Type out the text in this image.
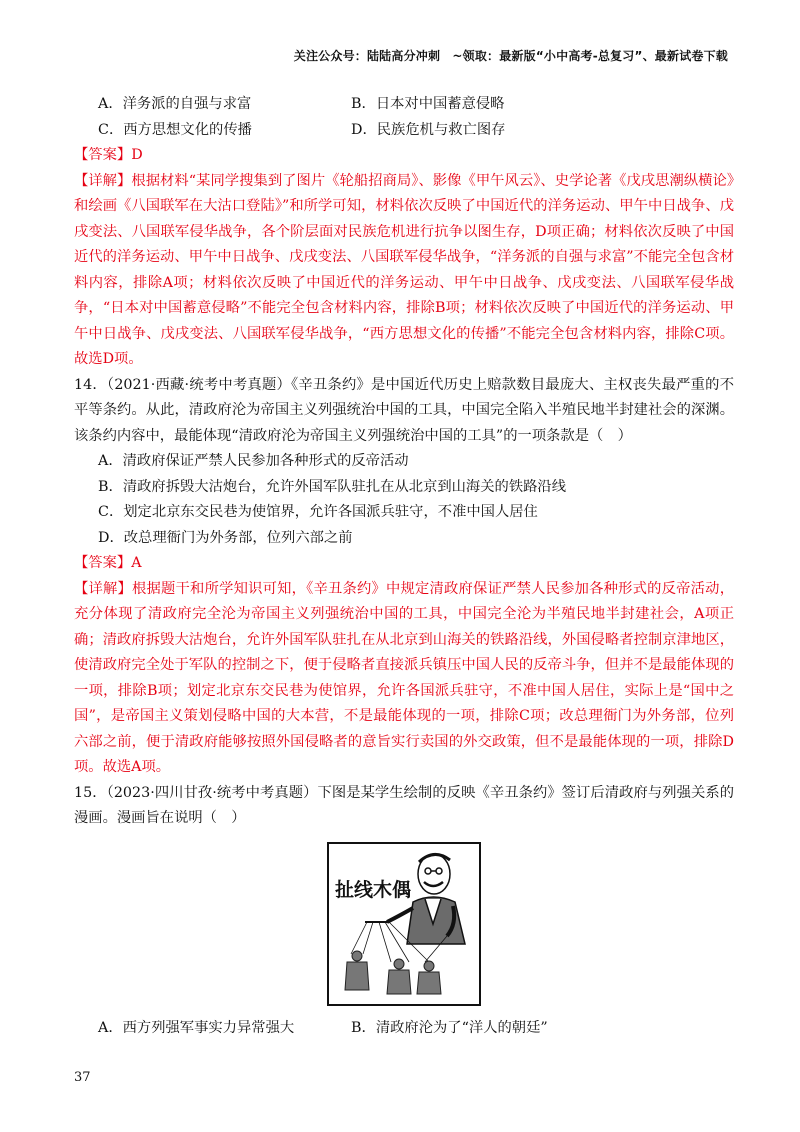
关注公众号：陆陆高分冲刺　~领取：最新版“小中高考-总复习”、最新试卷下载
A．洋务派的自强与求富	B．日本对中国蓄意侵略
C．西方思想文化的传播	D．民族危机与救亡图存
【答案】D
【详解】根据材料“某同学搜集到了图片《轮船招商局》、影像《甲午风云》、史学论著《戊戌思潮纵横论》和绘画《八国联军在大沽口登陆》”和所学可知，材料依次反映了中国近代的洋务运动、甲午中日战争、戊戌变法、八国联军侵华战争，各个阶层面对民族危机进行抗争以图生存，D项正确；材料依次反映了中国近代的洋务运动、甲午中日战争、戊戌变法、八国联军侵华战争，“洋务派的自强与求富”不能完全包含材料内容，排除A项；材料依次反映了中国近代的洋务运动、甲午中日战争、戊戌变法、八国联军侵华战争，“日本对中国蓄意侵略”不能完全包含材料内容，排除B项；材料依次反映了中国近代的洋务运动、甲午中日战争、戊戌变法、八国联军侵华战争，“西方思想文化的传播”不能完全包含材料内容，排除C项。故选D项。
14．（2021·西藏·统考中考真题）《辛丑条约》是中国近代历史上赔款数目最庞大、主权丧失最严重的不平等条约。从此，清政府沦为帝国主义列强统治中国的工具，中国完全陷入半殖民地半封建社会的深渊。该条约内容中，最能体现“清政府沦为帝国主义列强统治中国的工具”的一项条款是（　）
A．清政府保证严禁人民参加各种形式的反帝活动
B．清政府拆毁大沽炮台，允许外国军队驻扎在从北京到山海关的铁路沿线
C．划定北京东交民巷为使馆界，允许各国派兵驻守，不准中国人居住
D．改总理衙门为外务部，位列六部之前
【答案】A
【详解】根据题干和所学知识可知，《辛丑条约》中规定清政府保证严禁人民参加各种形式的反帝活动，充分体现了清政府完全沦为帝国主义列强统治中国的工具，中国完全沦为半殖民地半封建社会，A项正确；清政府拆毁大沽炮台，允许外国军队驻扎在从北京到山海关的铁路沿线，外国侵略者控制京津地区，使清政府完全处于军队的控制之下，便于侵略者直接派兵镇压中国人民的反帝斗争，但并不是最能体现的一项，排除B项；划定北京东交民巷为使馆界，允许各国派兵驻守，不准中国人居住，实际上是“国中之国”，是帝国主义策划侵略中国的大本营，不是最能体现的一项，排除C项；改总理衙门为外务部，位列六部之前，便于清政府能够按照外国侵略者的意旨实行卖国的外交政策，但不是最能体现的一项，排除D项。故选A项。
15．（2023·四川甘孜·统考中考真题）下图是某学生绘制的反映《辛丑条约》签订后清政府与列强关系的漫画。漫画旨在说明（　）
扯线木偶
A．西方列强军事实力异常强大	B．清政府沦为了“洋人的朝廷”
37
